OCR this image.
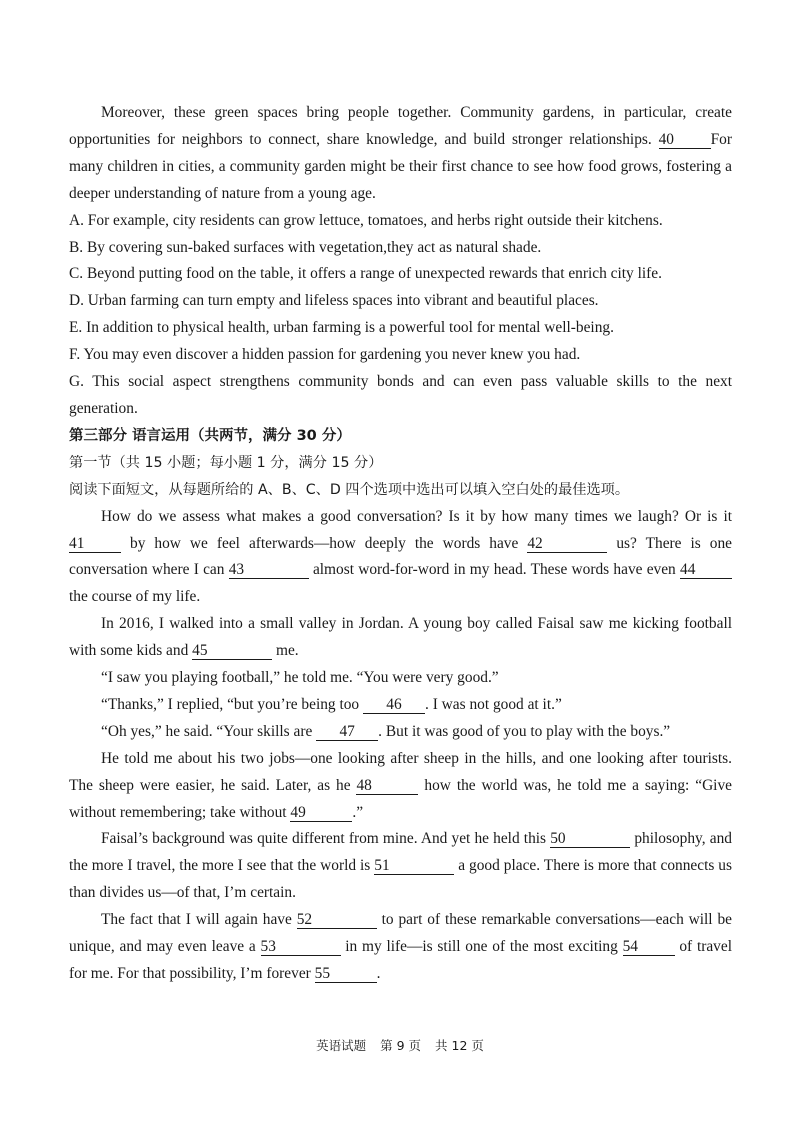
Moreover, these green spaces bring people together. Community gardens, in particular, create opportunities for neighbors to connect, share knowledge, and build stronger relationships. 40 For many children in cities, a community garden might be their first chance to see how food grows, fostering a deeper understanding of nature from a young age.

A. For example, city residents can grow lettuce, tomatoes, and herbs right outside their kitchens.

B. By covering sun-baked surfaces with vegetation,they act as natural shade.

C. Beyond putting food on the table, it offers a range of unexpected rewards that enrich city life.

D. Urban farming can turn empty and lifeless spaces into vibrant and beautiful places.

E. In addition to physical health, urban farming is a powerful tool for mental well-being.

F. You may even discover a hidden passion for gardening you never knew you had.

G. This social aspect strengthens community bonds and can even pass valuable skills to the next generation.

第三部分 语言运用（共两节，满分 30 分）

第一节（共 15 小题；每小题 1 分，满分 15 分）

阅读下面短文，从每题所给的 A、B、C、D 四个选项中选出可以填入空白处的最佳选项。

How do we assess what makes a good conversation? Is it by how many times we laugh? Or is it 41	by how we feel afterwards—how deeply the words have 42	us? There is one conversation where I can 43	almost word-for-word in my head. These words have even 44 the course of my life.

In 2016, I walked into a small valley in Jordan. A young boy called Faisal saw me kicking football with some kids and 45	me.

“I saw you playing football,” he told me. “You were very good.”

“Thanks,” I replied, “but you’re being too 46 . I was not good at it.”

“Oh yes,” he said. “Your skills are 47 . But it was good of you to play with the boys.”

He told me about his two jobs—one looking after sheep in the hills, and one looking after tourists. The sheep were easier, he said. Later, as he 48	how the world was, he told me a saying: “Give without remembering; take without 49	.”

Faisal’s background was quite different from mine. And yet he held this 50	philosophy, and the more I travel, the more I see that the world is 51	a good place. There is more that connects us than divides us—of that, I’m certain.

The fact that I will again have 52	to part of these remarkable conversations—each will be unique, and may even leave a 53	in my life—is still one of the most exciting 54	of travel for me. For that possibility, I’m forever 55	.

英语试题 第 9 页 共 12 页
